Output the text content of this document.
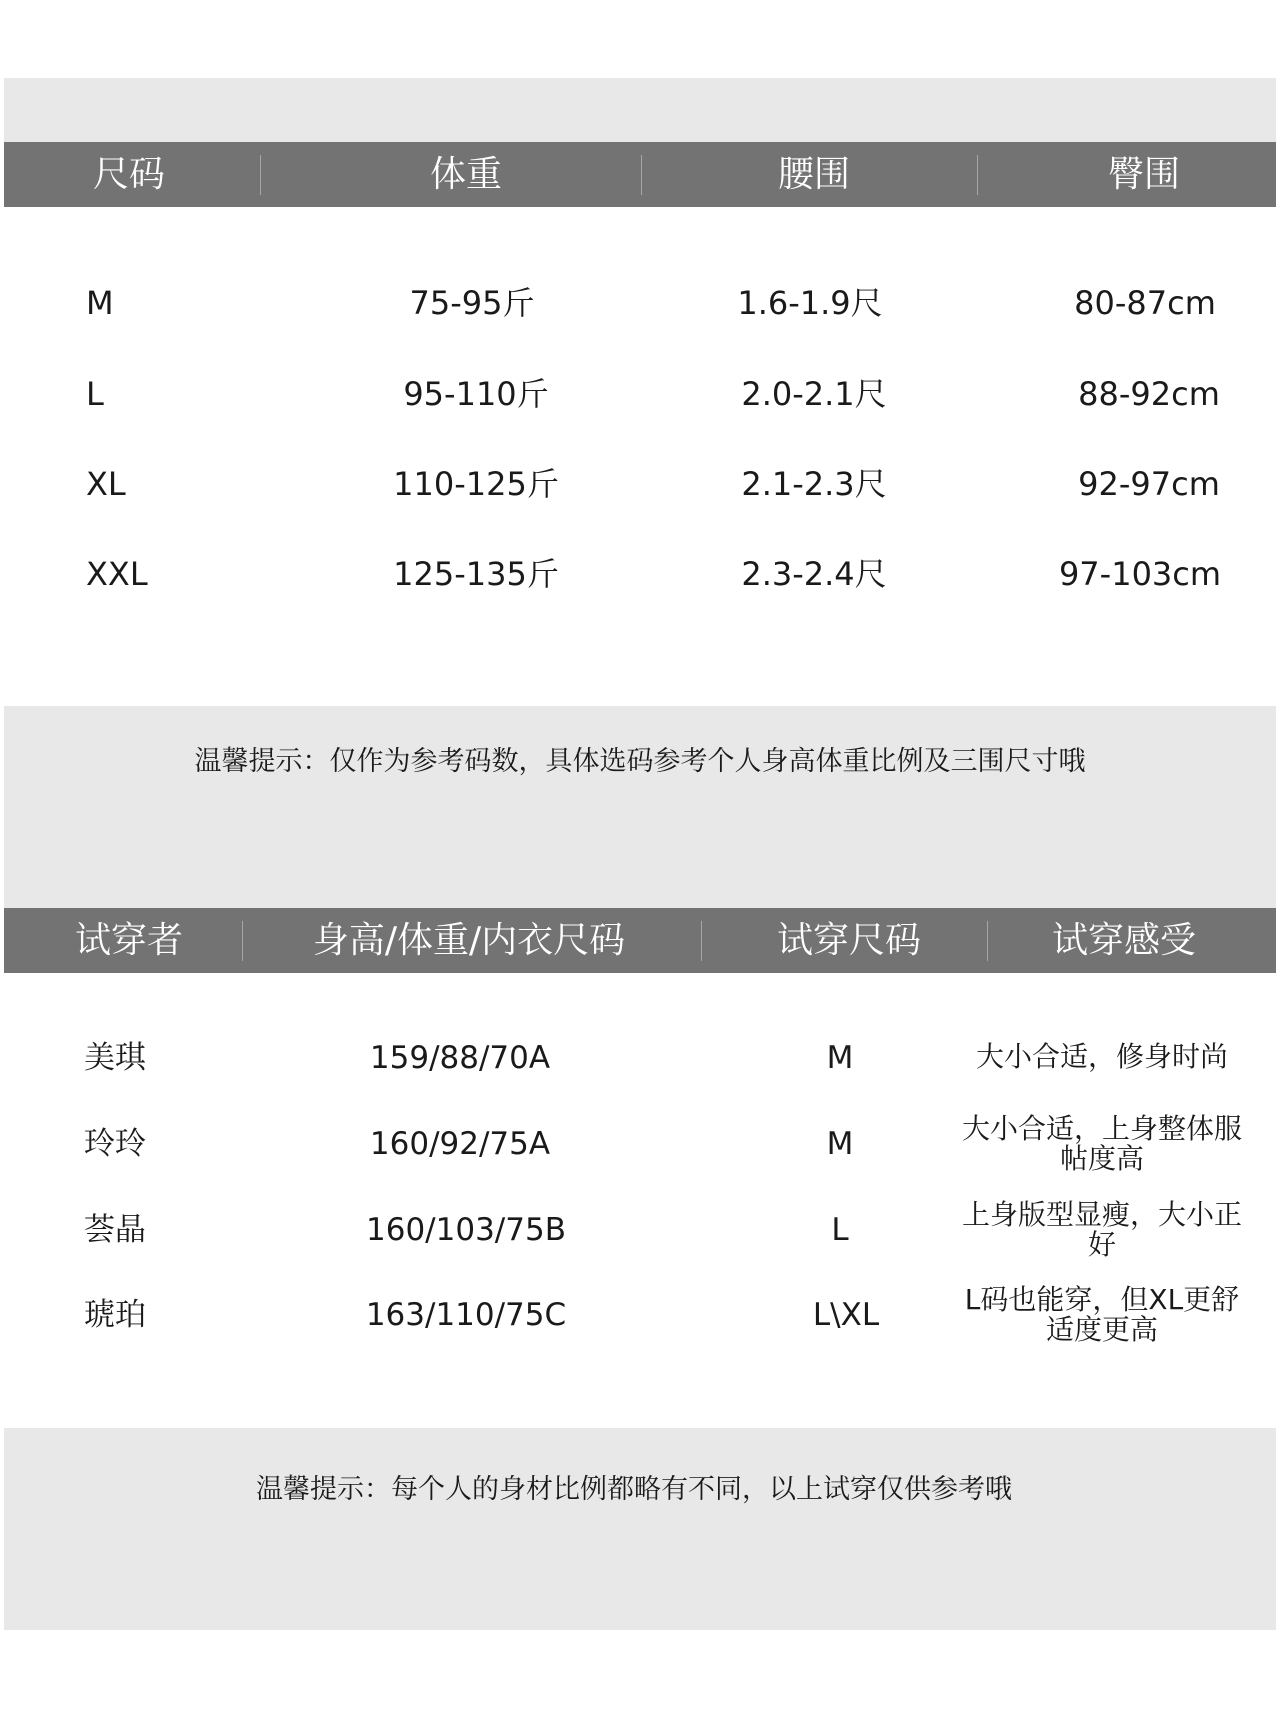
尺码	体重	腰围	臀围
M	75-95斤	1.6-1.9尺	80-87cm
L	95-110斤	2.0-2.1尺	88-92cm
XL	110-125斤	2.1-2.3尺	92-97cm
XXL	125-135斤	2.3-2.4尺	97-103cm
温馨提示：仅作为参考码数，具体选码参考个人身高体重比例及三围尺寸哦
试穿者	身高/体重/内衣尺码	试穿尺码	试穿感受
美琪	159/88/70A	M	大小合适，修身时尚
玲玲	160/92/75A	M	大小合适，上身整体服帖度高
荟晶	160/103/75B	L	上身版型显瘦，大小正好
琥珀	163/110/75C	L\XL	L码也能穿，但XL更舒适度更高
温馨提示：每个人的身材比例都略有不同，以上试穿仅供参考哦
